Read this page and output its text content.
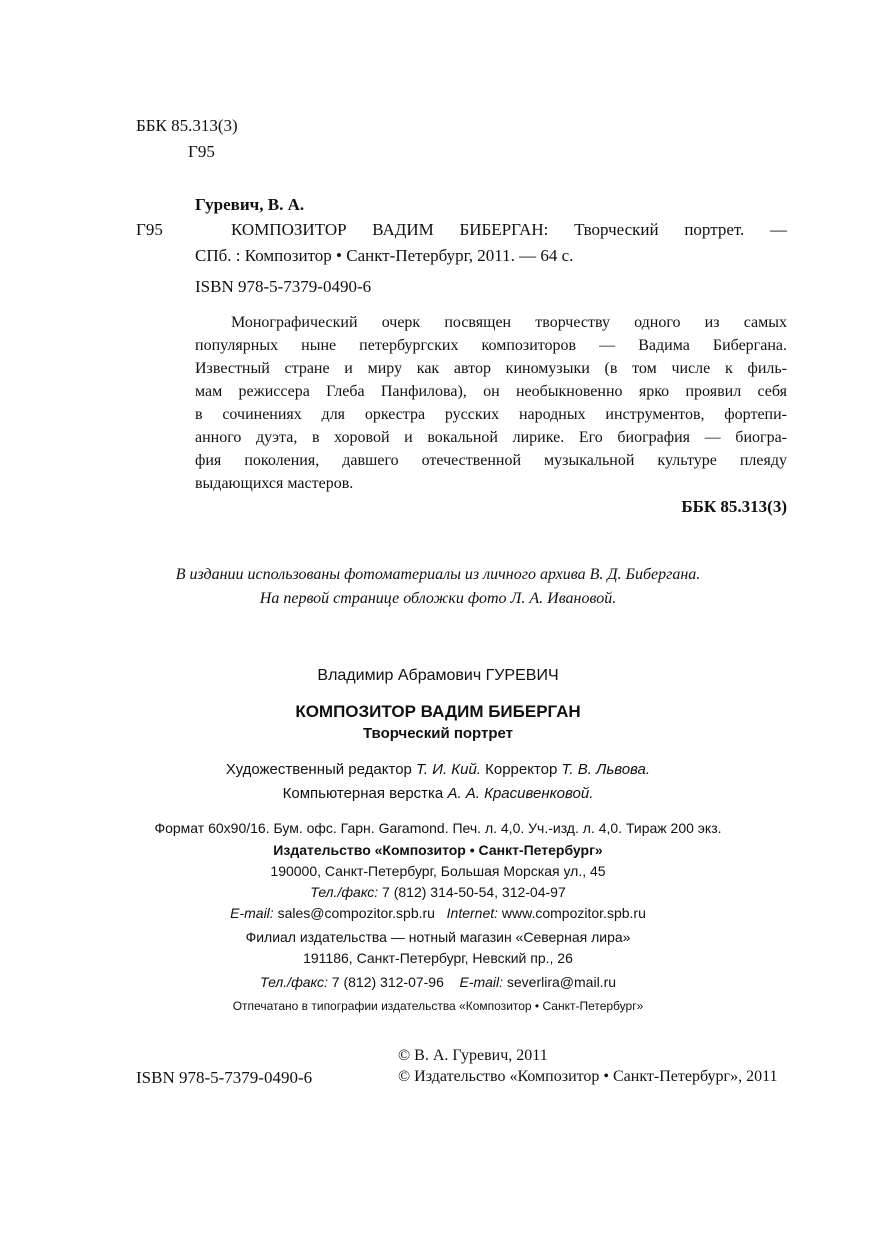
ББК 85.313(3)
Г95
Гуревич, В. А.
Г95	КОМПОЗИТОР ВАДИМ БИБЕРГАН: Творческий портрет. —
СПб. : Композитор • Санкт-Петербург, 2011. — 64 с.
ISBN 978-5-7379-0490-6
Монографический очерк посвящен творчеству одного из самых
популярных ныне петербургских композиторов — Вадима Бибергана.
Известный стране и миру как автор киномузыки (в том числе к филь-
мам режиссера Глеба Панфилова), он необыкновенно ярко проявил себя
в сочинениях для оркестра русских народных инструментов, фортепи-
анного дуэта, в хоровой и вокальной лирике. Его биография — биогра-
фия поколения, давшего отечественной музыкальной культуре плеяду
выдающихся мастеров.
ББК 85.313(3)
В издании использованы фотоматериалы из личного архива В. Д. Бибергана.
На первой странице обложки фото Л. А. Ивановой.
Владимир Абрамович ГУРЕВИЧ
КОМПОЗИТОР ВАДИМ БИБЕРГАН
Творческий портрет
Художественный редактор Т. И. Кий. Корректор Т. В. Львова.
Компьютерная верстка А. А. Красивенковой.
Формат 60х90/16. Бум. офс. Гарн. Garamond. Печ. л. 4,0. Уч.-изд. л. 4,0. Тираж 200 экз.
Издательство «Композитор • Санкт-Петербург»
190000, Санкт-Петербург, Большая Морская ул., 45
Тел./факс: 7 (812) 314-50-54, 312-04-97
E-mail: sales@compozitor.spb.ru Internet: www.compozitor.spb.ru
Филиал издательства — нотный магазин «Северная лира»
191186, Санкт-Петербург, Невский пр., 26
Тел./факс: 7 (812) 312-07-96 E-mail: severlira@mail.ru
Отпечатано в типографии издательства «Композитор • Санкт-Петербург»
© В. А. Гуревич, 2011
ISBN 978-5-7379-0490-6	© Издательство «Композитор • Санкт-Петербург», 2011
